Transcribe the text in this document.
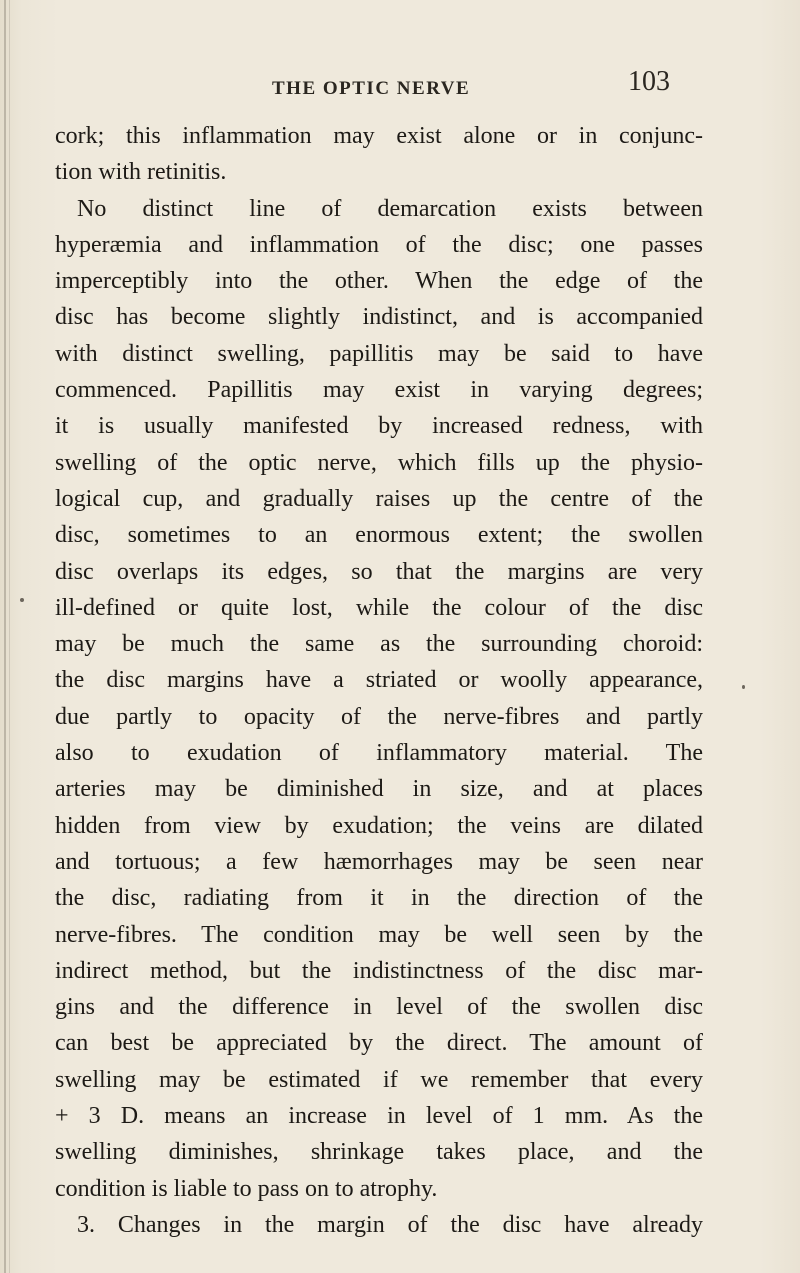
THE OPTIC NERVE	103
cork; this inflammation may exist alone or in conjunc-
tion with retinitis.
No distinct line of demarcation exists between
hyperæmia and inflammation of the disc; one passes
imperceptibly into the other. When the edge of the
disc has become slightly indistinct, and is accompanied
with distinct swelling, papillitis may be said to have
commenced. Papillitis may exist in varying degrees;
it is usually manifested by increased redness, with
swelling of the optic nerve, which fills up the physio-
logical cup, and gradually raises up the centre of the
disc, sometimes to an enormous extent; the swollen
disc overlaps its edges, so that the margins are very
ill-defined or quite lost, while the colour of the disc
may be much the same as the surrounding choroid:
the disc margins have a striated or woolly appearance,
due partly to opacity of the nerve-fibres and partly
also to exudation of inflammatory material. The
arteries may be diminished in size, and at places
hidden from view by exudation; the veins are dilated
and tortuous; a few hæmorrhages may be seen near
the disc, radiating from it in the direction of the
nerve-fibres. The condition may be well seen by the
indirect method, but the indistinctness of the disc mar-
gins and the difference in level of the swollen disc
can best be appreciated by the direct. The amount of
swelling may be estimated if we remember that every
+ 3 D. means an increase in level of 1 mm. As the
swelling diminishes, shrinkage takes place, and the
condition is liable to pass on to atrophy.
3. Changes in the margin of the disc have already
